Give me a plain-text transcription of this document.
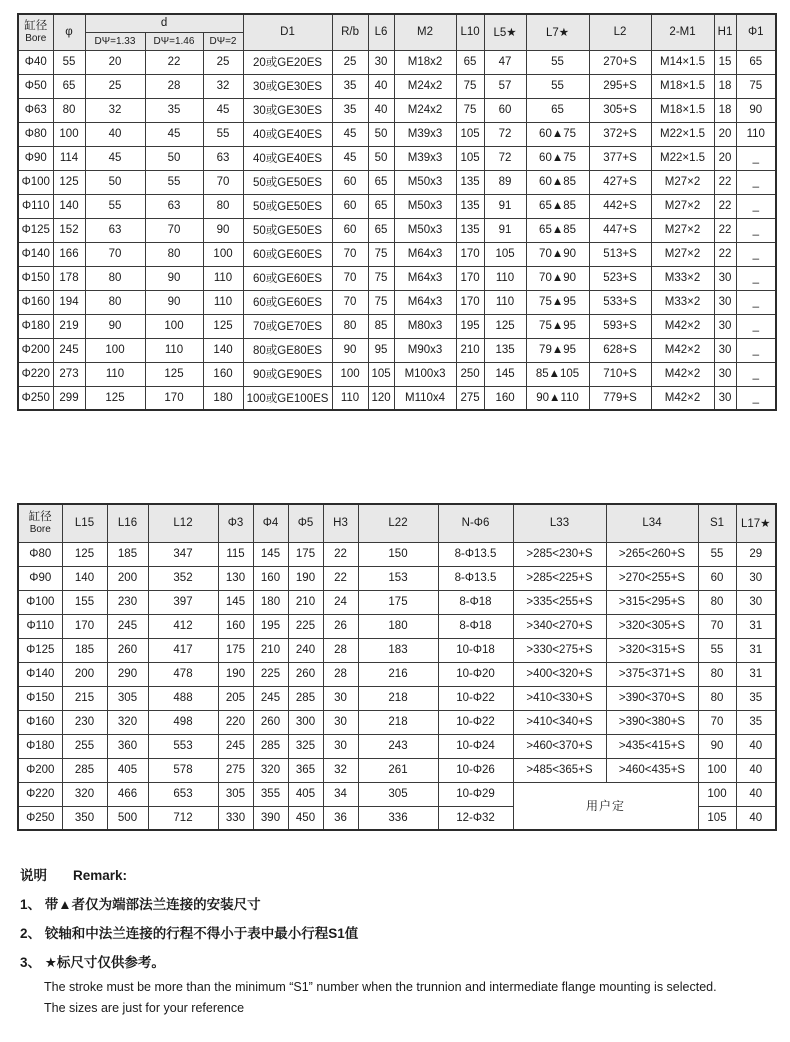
缸径
Bore	φ	d			D1	R/b	L6	M2	L10	L5★	L7★	L2	2-M1	H1	Φ1
		DΨ=1.33	DΨ=1.46	DΨ=2											
Φ40	55	20	22	25	20或GE20ES	25	30	M18x2	65	47	55	270+S	M14×1.5	15	65
Φ50	65	25	28	32	30或GE30ES	35	40	M24x2	75	57	55	295+S	M18×1.5	18	75
Φ63	80	32	35	45	30或GE30ES	35	40	M24x2	75	60	65	305+S	M18×1.5	18	90
Φ80	100	40	45	55	40或GE40ES	45	50	M39x3	105	72	60▲75	372+S	M22×1.5	20	110
Φ90	114	45	50	63	40或GE40ES	45	50	M39x3	105	72	60▲75	377+S	M22×1.5	20	_
Φ100	125	50	55	70	50或GE50ES	60	65	M50x3	135	89	60▲85	427+S	M27×2	22	_
Φ110	140	55	63	80	50或GE50ES	60	65	M50x3	135	91	65▲85	442+S	M27×2	22	_
Φ125	152	63	70	90	50或GE50ES	60	65	M50x3	135	91	65▲85	447+S	M27×2	22	_
Φ140	166	70	80	100	60或GE60ES	70	75	M64x3	170	105	70▲90	513+S	M27×2	22	_
Φ150	178	80	90	110	60或GE60ES	70	75	M64x3	170	110	70▲90	523+S	M33×2	30	_
Φ160	194	80	90	110	60或GE60ES	70	75	M64x3	170	110	75▲95	533+S	M33×2	30	_
Φ180	219	90	100	125	70或GE70ES	80	85	M80x3	195	125	75▲95	593+S	M42×2	30	_
Φ200	245	100	110	140	80或GE80ES	90	95	M90x3	210	135	79▲95	628+S	M42×2	30	_
Φ220	273	110	125	160	90或GE90ES	100	105	M100x3	250	145	85▲105	710+S	M42×2	30	_
Φ250	299	125	170	180	100或GE100ES	110	120	M110x4	275	160	90▲110	779+S	M42×2	30	_
缸径
Bore	L15	L16	L12	Φ3	Φ4	Φ5	H3	L22	N-Φ6	L33	L34	S1	L17★
Φ80	125	185	347	115	145	175	22	150	8-Φ13.5	>285<230+S	>265<260+S	55	29
Φ90	140	200	352	130	160	190	22	153	8-Φ13.5	>285<225+S	>270<255+S	60	30
Φ100	155	230	397	145	180	210	24	175	8-Φ18	>335<255+S	>315<295+S	80	30
Φ110	170	245	412	160	195	225	26	180	8-Φ18	>340<270+S	>320<305+S	70	31
Φ125	185	260	417	175	210	240	28	183	10-Φ18	>330<275+S	>320<315+S	55	31
Φ140	200	290	478	190	225	260	28	216	10-Φ20	>400<320+S	>375<371+S	80	31
Φ150	215	305	488	205	245	285	30	218	10-Φ22	>410<330+S	>390<370+S	80	35
Φ160	230	320	498	220	260	300	30	218	10-Φ22	>410<340+S	>390<380+S	70	35
Φ180	255	360	553	245	285	325	30	243	10-Φ24	>460<370+S	>435<415+S	90	40
Φ200	285	405	578	275	320	365	32	261	10-Φ26	>485<365+S	>460<435+S	100	40
Φ220	320	466	653	305	355	405	34	305	10-Φ29	用户定		100	40
Φ250	350	500	712	330	390	450	36	336	12-Φ32			105	40
说明 Remark:
1、 带▲者仅为端部法兰连接的安装尺寸
2、 铰轴和中法兰连接的行程不得小于表中最小行程S1值
3、 ★标尺寸仅供参考。
The stroke must be more than the minimum “S1” number when the trunnion and intermediate flange mounting is selected.
The sizes are just for your reference
